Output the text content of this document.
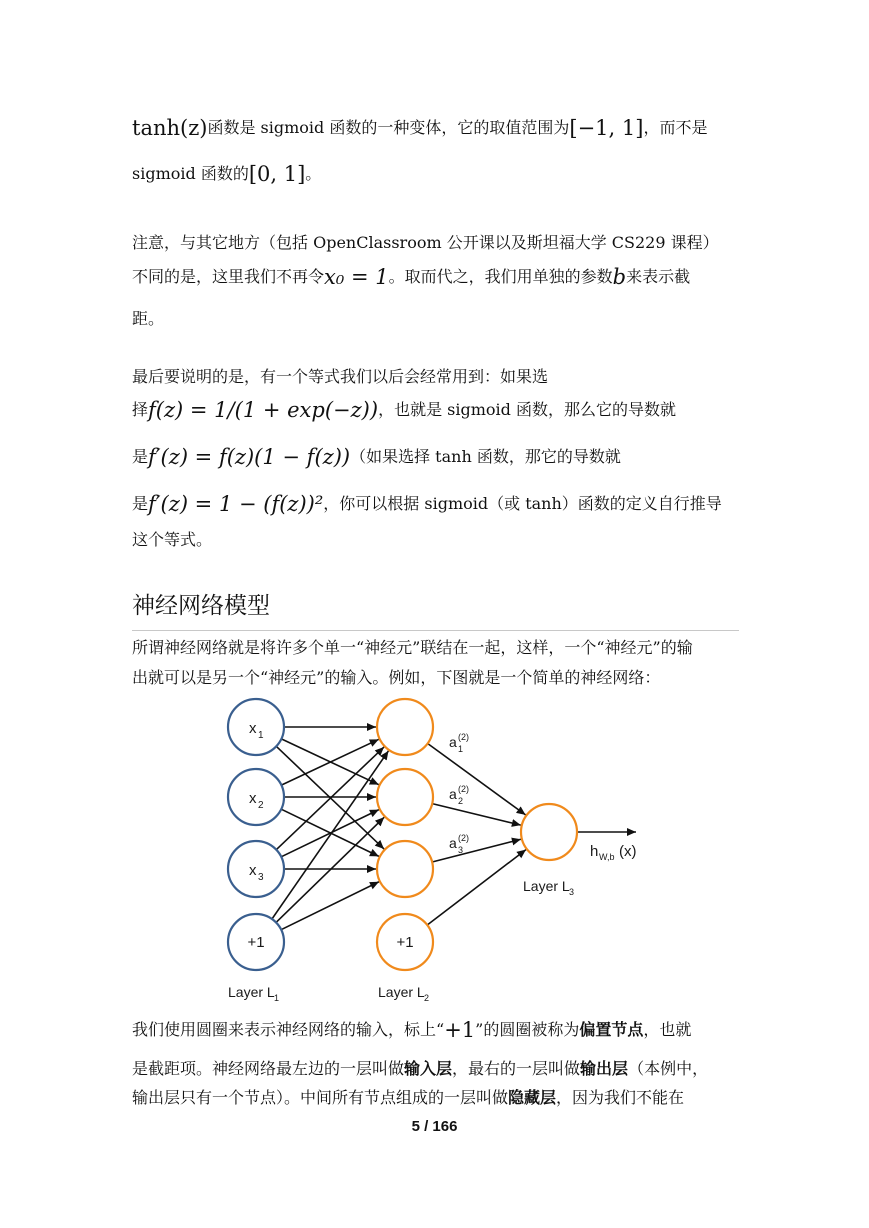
tanh(z)函数是 sigmoid 函数的一种变体，它的取值范围为[−1, 1]，而不是
sigmoid 函数的[0, 1]。
注意，与其它地方（包括 OpenClassroom 公开课以及斯坦福大学 CS229 课程）
不同的是，这里我们不再令x₀ = 1。取而代之，我们用单独的参数b来表示截
距。
最后要说明的是，有一个等式我们以后会经常用到：如果选
择f(z) = 1/(1 + exp(−z))，也就是 sigmoid 函数，那么它的导数就
是f′(z) = f(z)(1 − f(z))（如果选择 tanh 函数，那它的导数就
是f′(z) = 1 − (f(z))²，你可以根据 sigmoid（或 tanh）函数的定义自行推导
这个等式。
神经网络模型
所谓神经网络就是将许多个单一“神经元”联结在一起，这样，一个“神经元”的输
出就可以是另一个“神经元”的输入。例如，下图就是一个简单的神经网络：
x 1
x 2
x 3
+1	+1
a (2)
1
a (2)
2
a (2)
3	h W,b (x)
Layer L 1	Layer L 2
Layer L 3
我们使用圆圈来表示神经网络的输入，标上“+1”的圆圈被称为偏置节点，也就
是截距项。神经网络最左边的一层叫做输入层，最右的一层叫做输出层（本例中，
输出层只有一个节点）。中间所有节点组成的一层叫做隐藏层，因为我们不能在
5 / 166
